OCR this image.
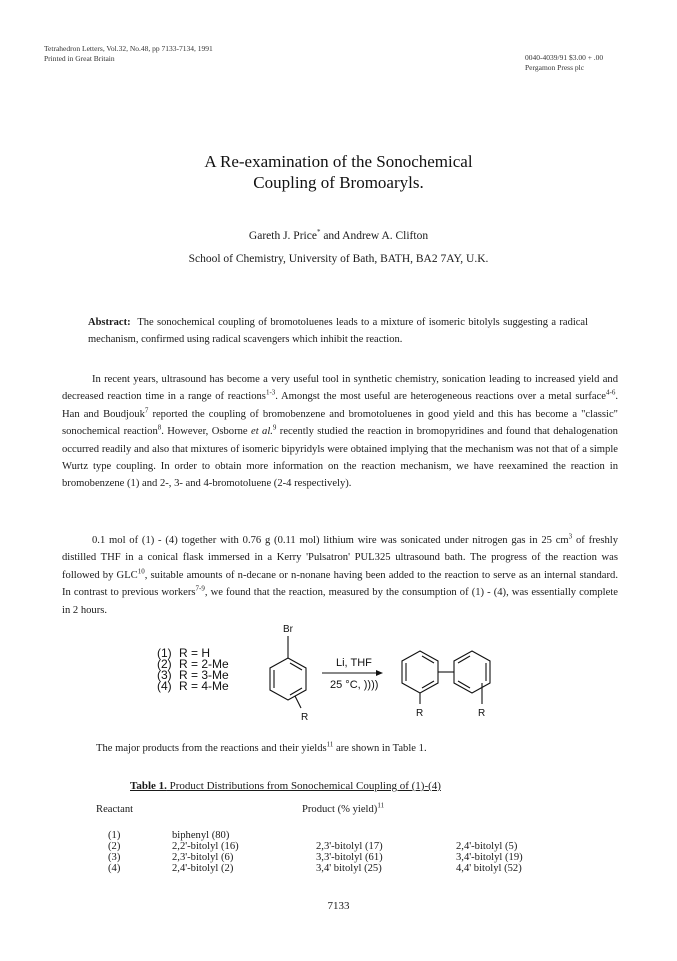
Tetrahedron Letters, Vol.32, No.48, pp 7133-7134, 1991
Printed in Great Britain	0040-4039/91 $3.00 + .00
Pergamon Press plc
A Re-examination of the Sonochemical
Coupling of Bromoaryls.
Gareth J. Price* and Andrew A. Clifton
School of Chemistry, University of Bath, BATH, BA2 7AY, U.K.
Abstract: The sonochemical coupling of bromotoluenes leads to a mixture of isomeric bitolyls suggesting a radical mechanism, confirmed using radical scavengers which inhibit the reaction.
In recent years, ultrasound has become a very useful tool in synthetic chemistry, sonication leading to increased yield and decreased reaction time in a range of reactions$^{1-3}$. Amongst the most useful are heterogeneous reactions over a metal surface$^{4-6}$. Han and Boudjouk$^7$ reported the coupling of bromobenzene and bromotoluenes in good yield and this has become a "classic" sonochemical reaction$^8$. However, Osborne et al.$^9$ recently studied the reaction in bromopyridines and found that dehalogenation occurred readily and also that mixtures of isomeric bipyridyls were obtained implying that the mechanism was not that of a simple Wurtz type coupling. In order to obtain more information on the reaction mechanism, we have reexamined the reaction in bromobenzene (1) and 2-, 3- and 4-bromotoluene (2-4 respectively).
0.1 mol of (1) - (4) together with 0.76 g (0.11 mol) lithium wire was sonicated under nitrogen gas in 25 $cm^3$ of freshly distilled THF in a conical flask immersed in a Kerry 'Pulsatron' PUL325 ultrasound bath. The progress of the reaction was followed by GLC$^{10}$, suitable amounts of n-decane or n-nonane having been added to the reaction to serve as an internal standard. In contrast to previous workers$^{7-9}$, we found that the reaction, measured by the consumption of (1) - (4), was essentially complete in 2 hours.
(1)
(2)
(3)
(4)
R = H
R = 2-Me
R = 3-Me
R = 4-Me
Br
R
Li, THF
25 °C, ))))
R	R
The major products from the reactions and their yields$^{11}$ are shown in Table 1.
Table 1. Product Distributions from Sonochemical Coupling of (1)-(4)
Reactant	Product (% yield)$^{11}$
(1)	biphenyl (80)
(2)	2,2'-bitolyl (16)	2,3'-bitolyl (17)	2,4'-bitolyl (5)
(3)	2,3'-bitolyl (6)	3,3'-bitolyl (61)	3,4'-bitolyl (19)
(4)	2,4'-bitolyl (2)	3,4' bitolyl (25)	4,4' bitolyl (52)
7133
